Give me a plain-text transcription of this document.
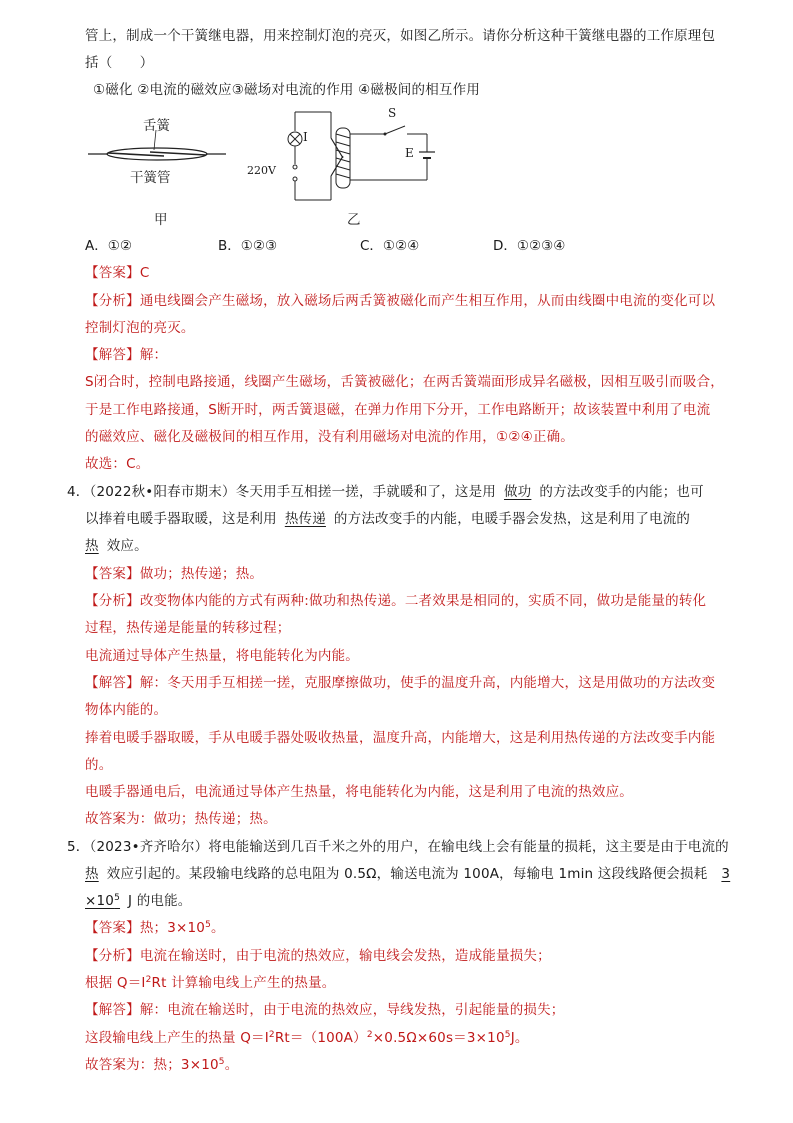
管上，制成一个干簧继电器，用来控制灯泡的亮灭，如图乙所示。请你分析这种干簧继电器的工作原理包
括（　　）
①磁化 ②电流的磁效应③磁场对电流的作用 ④磁极间的相互作用
舌簧
干簧管
甲
I
S
E
220V
乙
A．①②	B．①②③	C．①②④	D．①②③④
【答案】C
【分析】通电线圈会产生磁场，放入磁场后两舌簧被磁化而产生相互作用，从而由线圈中电流的变化可以
控制灯泡的亮灭。
【解答】解：
S闭合时，控制电路接通，线圈产生磁场，舌簧被磁化；在两舌簧端面形成异名磁极，因相互吸引而吸合，
于是工作电路接通，S断开时，两舌簧退磁，在弹力作用下分开，工作电路断开；故该装置中利用了电流
的磁效应、磁化及磁极间的相互作用，没有利用磁场对电流的作用，①②④正确。
故选：C。
4．（2022秋•阳春市期末）冬天用手互相搓一搓，手就暖和了，这是用 做功 的方法改变手的内能；也可
以捧着电暖手器取暖，这是利用 热传递 的方法改变手的内能，电暖手器会发热，这是利用了电流的
热 效应。
【答案】做功；热传递；热。
【分析】改变物体内能的方式有两种:做功和热传递。二者效果是相同的，实质不同，做功是能量的转化
过程，热传递是能量的转移过程；
电流通过导体产生热量，将电能转化为内能。
【解答】解：冬天用手互相搓一搓，克服摩擦做功，使手的温度升高，内能增大，这是用做功的方法改变
物体内能的。
捧着电暖手器取暖，手从电暖手器处吸收热量，温度升高，内能增大，这是利用热传递的方法改变手内能
的。
电暖手器通电后，电流通过导体产生热量，将电能转化为内能，这是利用了电流的热效应。
故答案为：做功；热传递；热。
5．（2023•齐齐哈尔）将电能输送到几百千米之外的用户，在输电线上会有能量的损耗，这主要是由于电流的
热 效应引起的。某段输电线路的总电阻为 0.5Ω，输送电流为 100A，每输电 1min 这段线路便会损耗 3
$\times 10^5$ J 的电能。
【答案】热；$3\times 10^5$。
【分析】电流在输送时，由于电流的热效应，输电线会发热，造成能量损失；
根据 $Q=I^2Rt$ 计算输电线上产生的热量。
【解答】解：电流在输送时，由于电流的热效应，导线发热，引起能量的损失；
这段输电线上产生的热量 $Q=I^2Rt=(100A)^2\times 0.5\Omega\times 60s=3\times 10^5J$。
故答案为：热；$3\times 10^5$。
